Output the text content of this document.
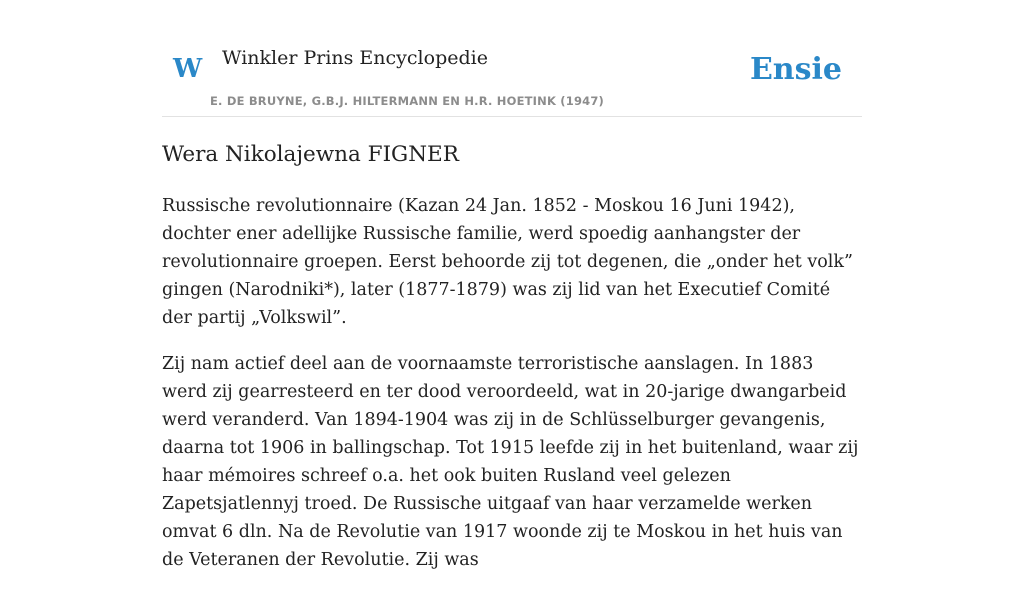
W Winkler Prins Encyclopedie
E. DE BRUYNE, G.B.J. HILTERMANN EN H.R. HOETINK (1947)
Ensie
Wera Nikolajewna FIGNER

Russische revolutionnaire (Kazan 24 Jan. 1852 - Moskou 16 Juni 1942), dochter ener adellijke Russische familie, werd spoedig aanhangster der revolutionnaire groepen. Eerst behoorde zij tot degenen, die „onder het volk” gingen (Narodniki*), later (1877-1879) was zij lid van het Executief Comité der partij „Volkswil”.

Zij nam actief deel aan de voornaamste terroristische aanslagen. In 1883 werd zij gearresteerd en ter dood veroordeeld, wat in 20-jarige dwangarbeid werd veranderd. Van 1894-1904 was zij in de Schlüsselburger gevangenis, daarna tot 1906 in ballingschap. Tot 1915 leefde zij in het buitenland, waar zij haar mémoires schreef o.a. het ook buiten Rusland veel gelezen Zapetsjatlennyj troed. De Russische uitgaaf van haar verzamelde werken omvat 6 dln. Na de Revolutie van 1917 woonde zij te Moskou in het huis van de Veteranen der Revolutie. Zij was
